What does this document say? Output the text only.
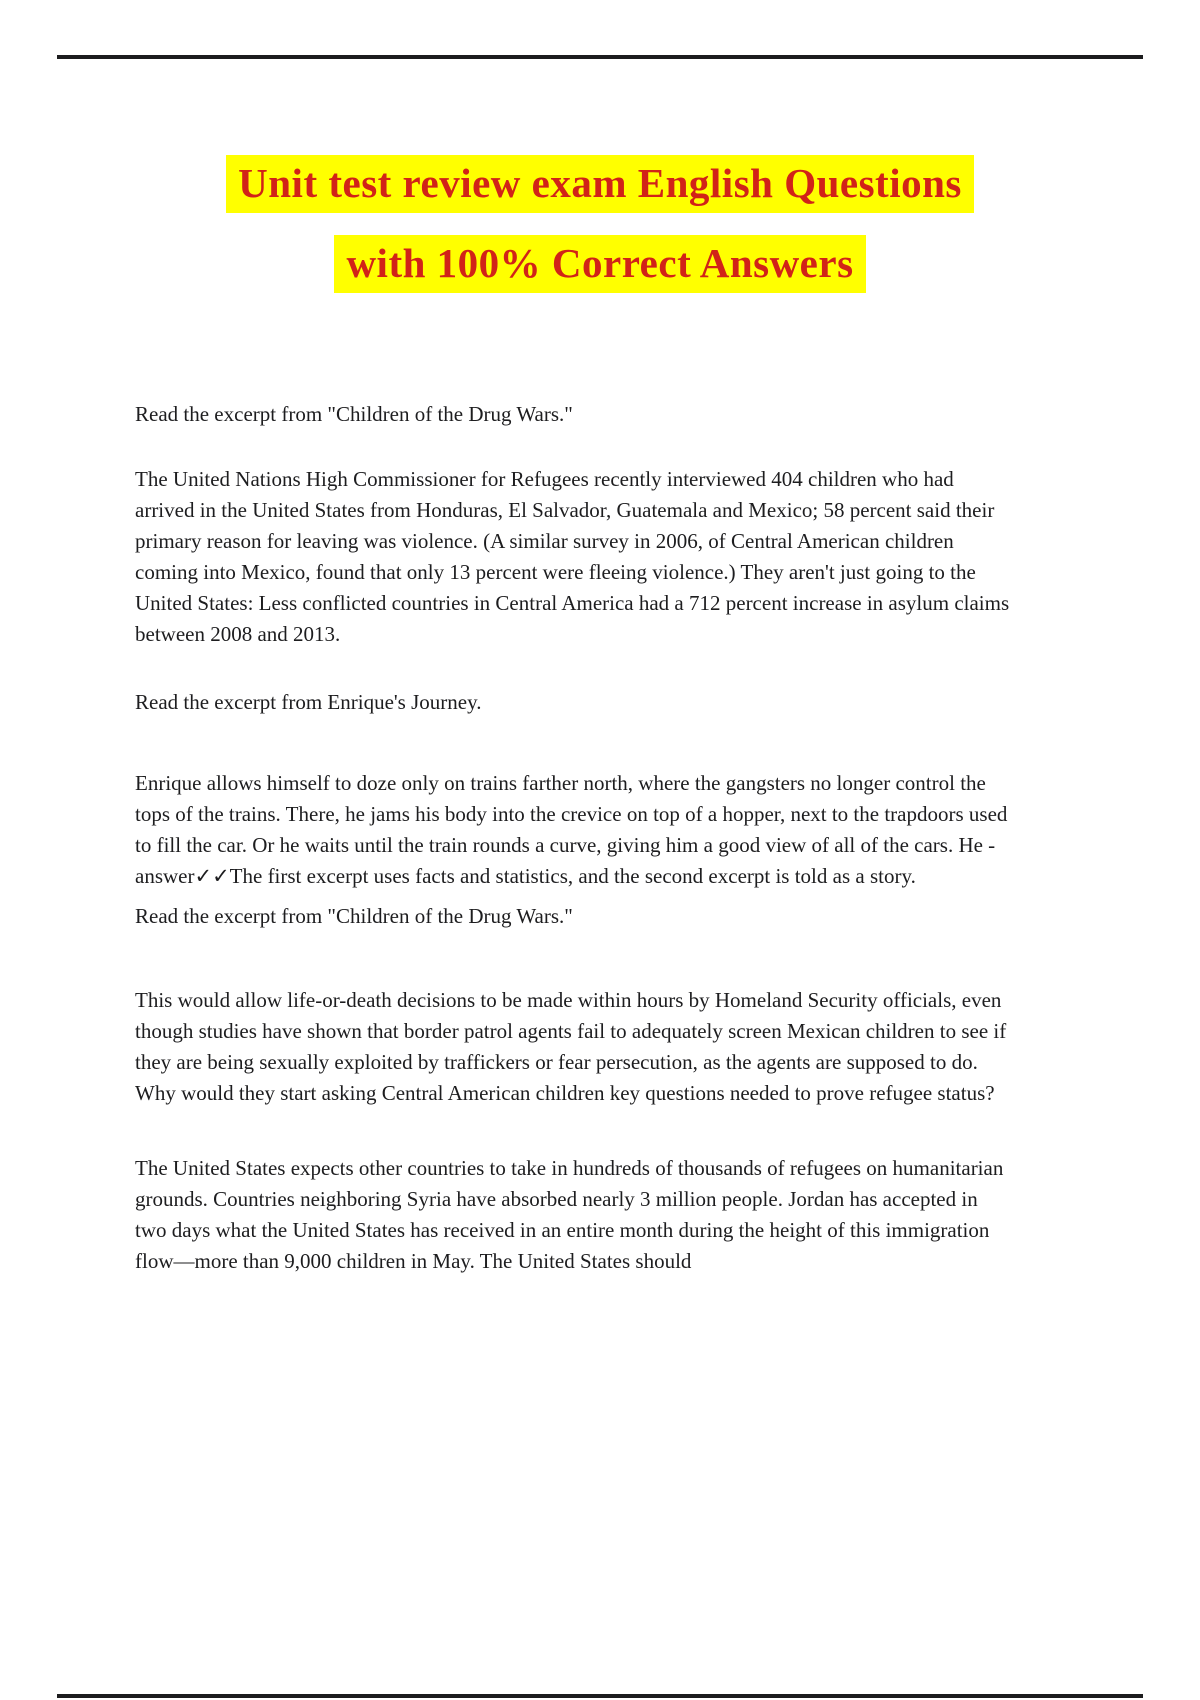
Unit test review exam English Questions
with 100% Correct Answers

Read the excerpt from "Children of the Drug Wars."

The United Nations High Commissioner for Refugees recently interviewed 404 children who had arrived in the United States from Honduras, El Salvador, Guatemala and Mexico; 58 percent said their primary reason for leaving was violence. (A similar survey in 2006, of Central American children coming into Mexico, found that only 13 percent were fleeing violence.) They aren't just going to the United States: Less conflicted countries in Central America had a 712 percent increase in asylum claims between 2008 and 2013.

Read the excerpt from Enrique's Journey.

Enrique allows himself to doze only on trains farther north, where the gangsters no longer control the tops of the trains. There, he jams his body into the crevice on top of a hopper, next to the trapdoors used to fill the car. Or he waits until the train rounds a curve, giving him a good view of all of the cars. He - answer✓✓The first excerpt uses facts and statistics, and the second excerpt is told as a story.

Read the excerpt from "Children of the Drug Wars."

This would allow life-or-death decisions to be made within hours by Homeland Security officials, even though studies have shown that border patrol agents fail to adequately screen Mexican children to see if they are being sexually exploited by traffickers or fear persecution, as the agents are supposed to do. Why would they start asking Central American children key questions needed to prove refugee status?

The United States expects other countries to take in hundreds of thousands of refugees on humanitarian grounds. Countries neighboring Syria have absorbed nearly 3 million people. Jordan has accepted in two days what the United States has received in an entire month during the height of this immigration flow—more than 9,000 children in May. The United States should
